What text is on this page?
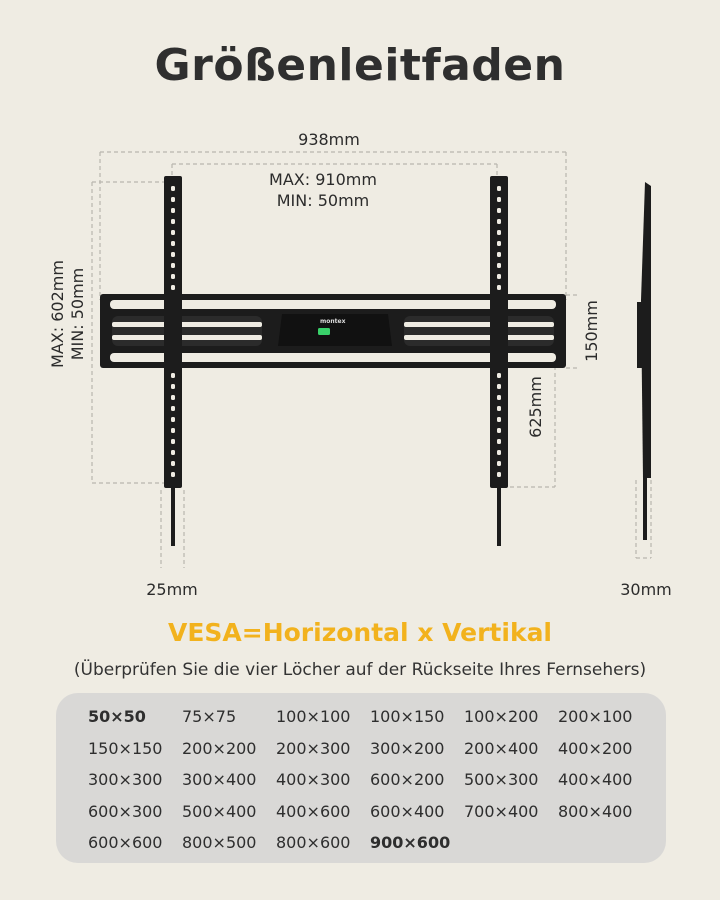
Größenleitfaden
montex
938mm
MAX: 910mm
MIN: 50mm
MAX: 602mm MIN: 50mm	150mm
625mm
25mm	30mm
VESA=Horizontal x Vertikal
(Überprüfen Sie die vier Löcher auf der Rückseite Ihres Fernsehers)
50×50	75×75	100×100	100×150	100×200	200×100
150×150	200×200	200×300	300×200	200×400	400×200
300×300	300×400	400×300	600×200	500×300	400×400
600×300	500×400	400×600	600×400	700×400	800×400
600×600	800×500	800×600	900×600
